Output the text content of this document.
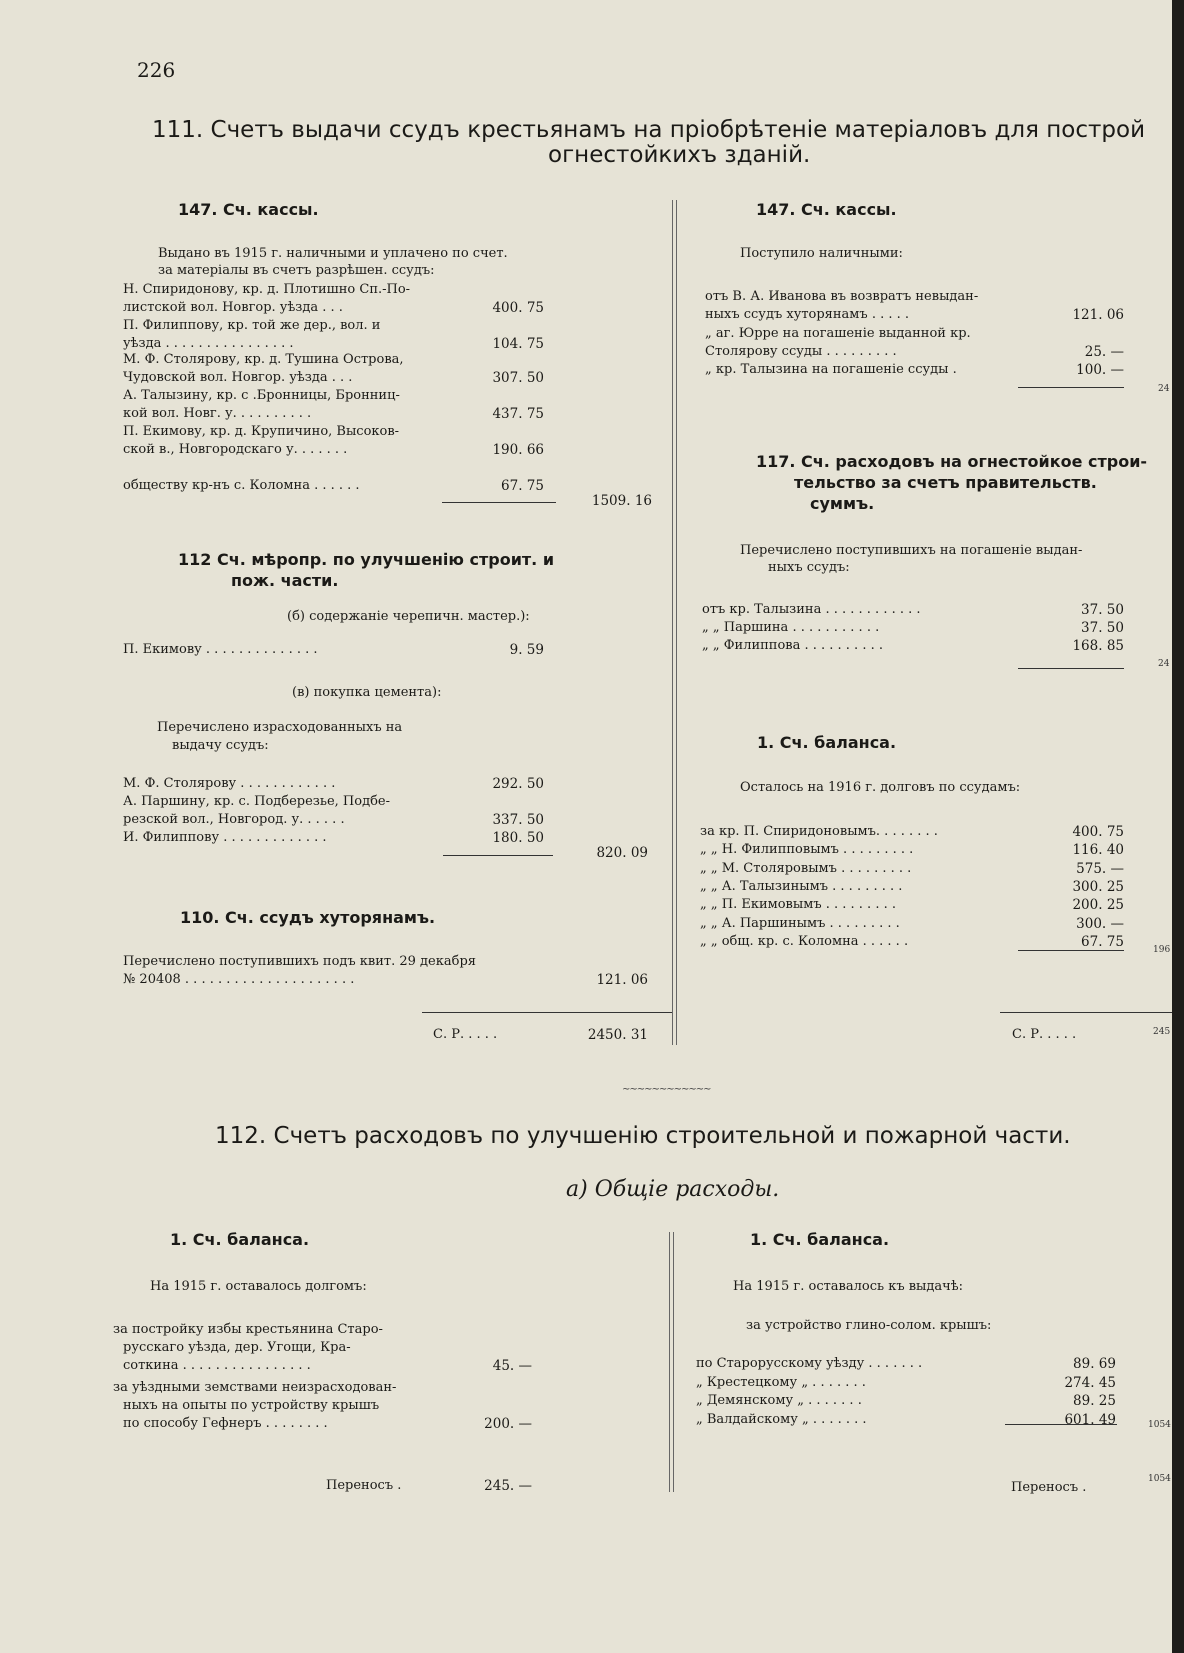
226
111. Счетъ выдачи ссудъ крестьянамъ на пріобрѣтеніе матеріаловъ для построй
огнестойкихъ зданій.
147. Сч. кассы.
Выдано въ 1915 г. наличными и уплачено по счет.
за матеріалы въ счетъ разрѣшен. ссудъ:
Н. Спиридонову, кр. д. Плотишно Сп.-По-
листской вол. Новгор. уѣзда . . .	400. 75
П. Филиппову, кр. той же дер., вол. и
уѣзда . . . . . . . . . . . . . . . .	104. 75
М. Ф. Столярову, кр. д. Тушина Острова,
Чудовской вол. Новгор. уѣзда . . .	307. 50
А. Талызину, кр. с .Бронницы, Бронниц-
кой вол. Новг. у. . . . . . . . . .	437. 75
П. Екимову, кр. д. Крупичино, Высоков-
ской в., Новгородскаго у. . . . . . .	190. 66
обществу кр-нъ с. Коломна . . . . . .	67. 75
1509. 16
112 Сч. мѣропр. по улучшенію строит. и
пож. части.
(б) содержаніе черепичн. мастер.):
П. Екимову . . . . . . . . . . . . . .	9. 59
(в) покупка цемента):
Перечислено израсходованныхъ на
выдачу ссудъ:
М. Ф. Столярову . . . . . . . . . . . .	292. 50
А. Паршину, кр. с. Подберезье, Подбе-
резской вол., Новгород. у. . . . . .	337. 50
И. Филиппову . . . . . . . . . . . . .	180. 50
820. 09
110. Сч. ссудъ хуторянамъ.
Перечислено поступившихъ подъ квит. 29 декабря
№ 20408 . . . . . . . . . . . . . . . . . . . . .	121. 06
С. Р. . . . .	2450. 31
147. Сч. кассы.
Поступило наличными:
отъ В. А. Иванова въ возвратъ невыдан-
ныхъ ссудъ хуторянамъ . . . . .	121. 06
„ аг. Юрре на погашеніе выданной кр.
Столярову ссуды . . . . . . . . .	25. —
„ кр. Талызина на погашеніе ссуды .	100. —
117. Сч. расходовъ на огнестойкое строи-
тельство за счетъ правительств.
суммъ.
Перечислено поступившихъ на погашеніе выдан-
ныхъ ссудъ:
отъ кр. Талызина . . . . . . . . . . . .	37. 50
„ „ Паршина . . . . . . . . . . .	37. 50
„ „ Филиппова . . . . . . . . . .	168. 85
1. Сч. баланса.
Осталось на 1916 г. долговъ по ссудамъ:
за кр. П. Спиридоновымъ. . . . . . . .	400. 75
„ „ Н. Филипповымъ . . . . . . . . .	116. 40
„ „ М. Столяровымъ . . . . . . . . .	575. —
„ „ А. Талызинымъ . . . . . . . . .	300. 25
„ „ П. Екимовымъ . . . . . . . . .	200. 25
„ „ А. Паршинымъ . . . . . . . . .	300. —
„ „ общ. кр. с. Коломна . . . . . .	67. 75
С. Р. . . . .
24
24
196
245
∼∼∼∼∼∼∼∼∼∼∼∼
112. Счетъ расходовъ по улучшенію строительной и пожарной части.
а) Общіе расходы.
1. Сч. баланса.
На 1915 г. оставалось долгомъ:
за постройку избы крестьянина Старо-
русскаго уѣзда, дер. Угощи, Кра-
соткина . . . . . . . . . . . . . . . .	45. —
за уѣздными земствами неизрасходован-
ныхъ на опыты по устройству крышъ
по способу Гефнеръ . . . . . . . .	200. —
Переносъ .	245. —
1. Сч. баланса.
На 1915 г. оставалось къ выдачѣ:
за устройство глино-солом. крышъ:
по Старорусскому уѣзду . . . . . . .	89. 69
„ Крестецкому „ . . . . . . .	274. 45
„ Демянскому „ . . . . . . .	89. 25
„ Валдайскому „ . . . . . . .	601. 49
Переносъ .
1054
1054
